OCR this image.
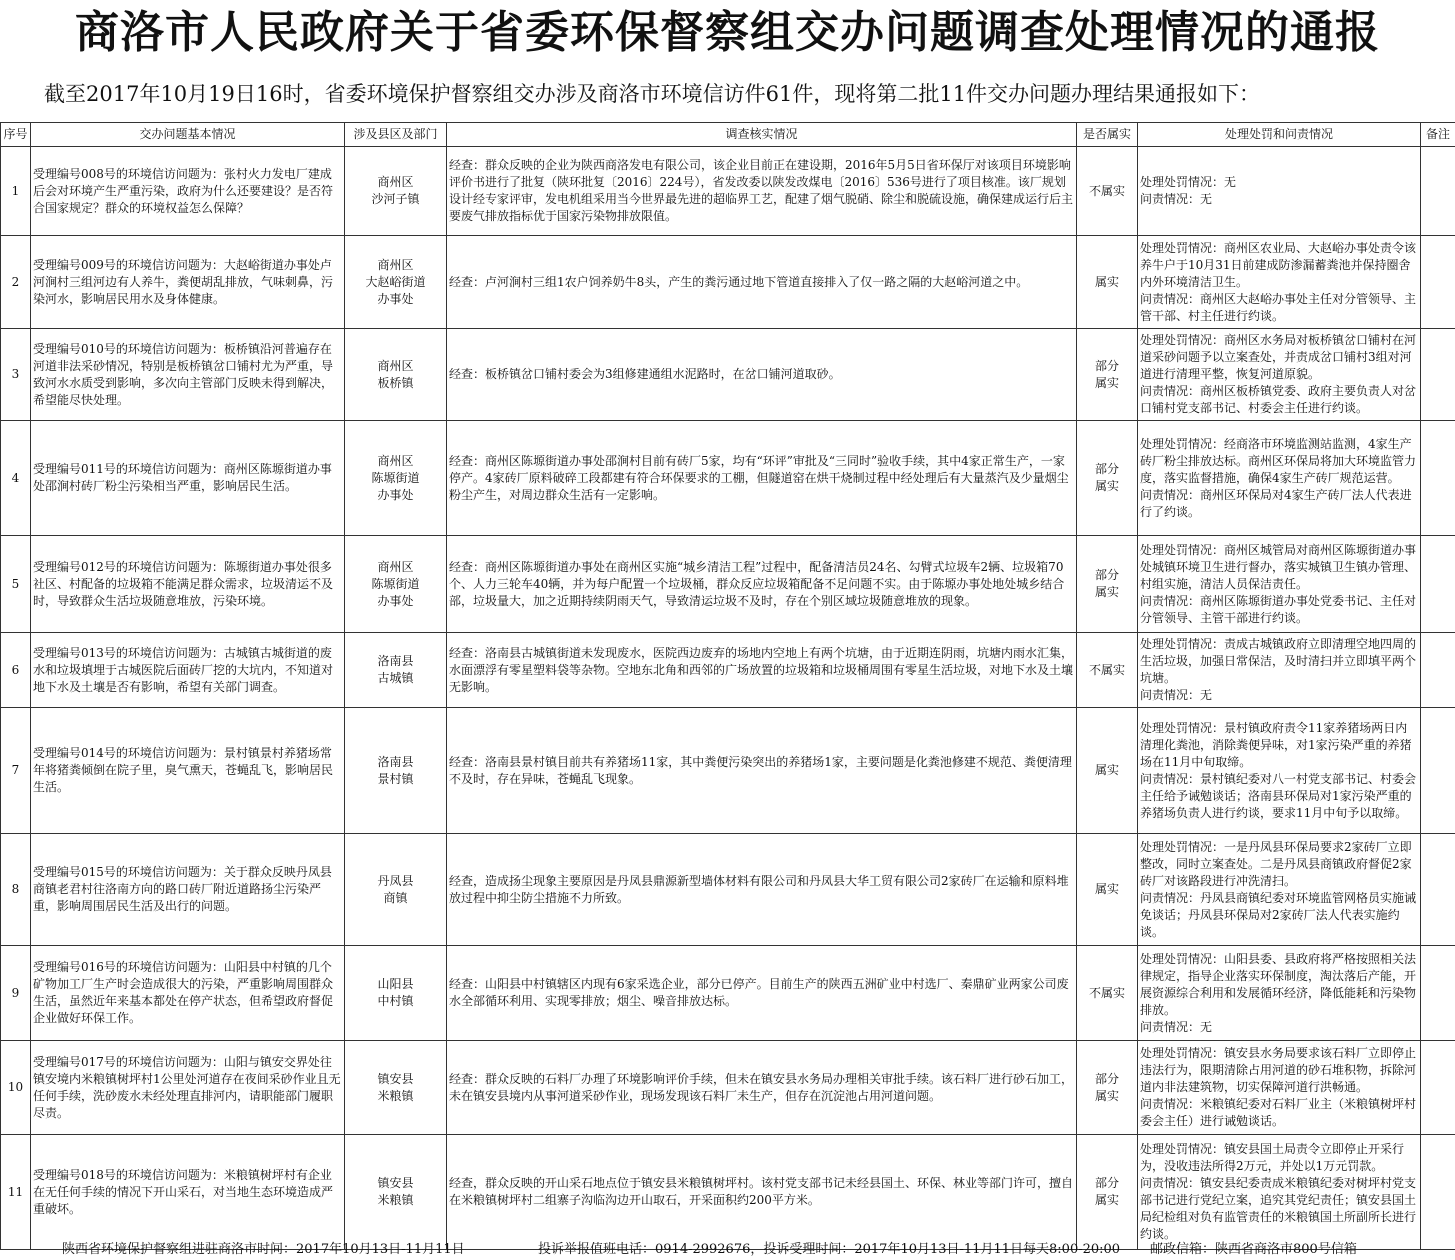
商洛市人民政府关于省委环保督察组交办问题调查处理情况的通报
截至2017年10月19日16时，省委环境保护督察组交办涉及商洛市环境信访件61件，现将第二批11件交办问题办理结果通报如下：
序号	交办问题基本情况	涉及县区及部门	调查核实情况	是否属实	处理处罚和问责情况	备注
1	受理编号008号的环境信访问题为：张村火力发电厂建成后会对环境产生严重污染，政府为什么还要建设？是否符合国家规定？群众的环境权益怎么保障？	商州区
沙河子镇	经查：群众反映的企业为陕西商洛发电有限公司，该企业目前正在建设期，2016年5月5日省环保厅对该项目环境影响评价书进行了批复（陕环批复〔2016〕224号），省发改委以陕发改煤电〔2016〕536号进行了项目核准。该厂规划设计经专家评审，发电机组采用当今世界最先进的超临界工艺，配建了烟气脱硝、除尘和脱硫设施，确保建成运行后主要废气排放指标优于国家污染物排放限值。	不属实	处理处罚情况：无
问责情况：无	
2	受理编号009号的环境信访问题为：大赵峪街道办事处卢河涧村三组河边有人养牛，粪便胡乱排放，气味刺鼻，污染河水，影响居民用水及身体健康。	商州区
大赵峪街道
办事处	经查：卢河涧村三组1农户饲养奶牛8头，产生的粪污通过地下管道直接排入了仅一路之隔的大赵峪河道之中。	属实	处理处罚情况：商州区农业局、大赵峪办事处责令该养牛户于10月31日前建成防渗漏蓄粪池并保持圈舍内外环境清洁卫生。
问责情况：商州区大赵峪办事处主任对分管领导、主管干部、村主任进行约谈。	
3	受理编号010号的环境信访问题为：板桥镇沿河普遍存在河道非法采砂情况，特别是板桥镇岔口铺村尤为严重，导致河水水质受到影响，多次向主管部门反映未得到解决，希望能尽快处理。	商州区
板桥镇	经查：板桥镇岔口铺村委会为3组修建通组水泥路时，在岔口铺河道取砂。	部分
属实	处理处罚情况：商州区水务局对板桥镇岔口铺村在河道采砂问题予以立案查处，并责成岔口铺村3组对河道进行清理平整，恢复河道原貌。
问责情况：商州区板桥镇党委、政府主要负责人对岔口铺村党支部书记、村委会主任进行约谈。	
4	受理编号011号的环境信访问题为：商州区陈塬街道办事处邵涧村砖厂粉尘污染相当严重，影响居民生活。	商州区
陈塬街道
办事处	经查：商州区陈塬街道办事处邵涧村目前有砖厂5家，均有“环评”审批及“三同时”验收手续，其中4家正常生产，一家停产。4家砖厂原料破碎工段都建有符合环保要求的工棚，但隧道窑在烘干烧制过程中经处理后有大量蒸汽及少量烟尘粉尘产生，对周边群众生活有一定影响。	部分
属实	处理处罚情况：经商洛市环境监测站监测，4家生产砖厂粉尘排放达标。商州区环保局将加大环境监管力度，落实监督措施，确保4家生产砖厂规范运营。
问责情况：商州区环保局对4家生产砖厂法人代表进行了约谈。	
5	受理编号012号的环境信访问题为：陈塬街道办事处很多社区、村配备的垃圾箱不能满足群众需求，垃圾清运不及时，导致群众生活垃圾随意堆放，污染环境。	商州区
陈塬街道
办事处	经查：商州区陈塬街道办事处在商州区实施“城乡清洁工程”过程中，配备清洁员24名、勾臂式垃圾车2辆、垃圾箱70个、人力三轮车40辆，并为每户配置一个垃圾桶，群众反应垃圾箱配备不足问题不实。由于陈塬办事处地处城乡结合部，垃圾量大，加之近期持续阴雨天气，导致清运垃圾不及时，存在个别区域垃圾随意堆放的现象。	部分
属实	处理处罚情况：商州区城管局对商州区陈塬街道办事处城镇环境卫生进行督办，落实城镇卫生镇办管理、村组实施，清洁人员保洁责任。
问责情况：商州区陈塬街道办事处党委书记、主任对分管领导、主管干部进行约谈。	
6	受理编号013号的环境信访问题为：古城镇古城街道的废水和垃圾填埋于古城医院后面砖厂挖的大坑内，不知道对地下水及土壤是否有影响，希望有关部门调查。	洛南县
古城镇	经查：洛南县古城镇街道未发现废水，医院西边废弃的场地内空地上有两个坑塘，由于近期连阴雨，坑塘内雨水汇集，水面漂浮有零星塑料袋等杂物。空地东北角和西邻的广场放置的垃圾箱和垃圾桶周围有零星生活垃圾，对地下水及土壤无影响。	不属实	处理处罚情况：责成古城镇政府立即清理空地四周的生活垃圾，加强日常保洁，及时清扫并立即填平两个坑塘。
问责情况：无	
7	受理编号014号的环境信访问题为：景村镇景村养猪场常年将猪粪倾倒在院子里，臭气熏天，苍蝇乱飞，影响居民生活。	洛南县
景村镇	经查：洛南县景村镇目前共有养猪场11家，其中粪便污染突出的养猪场1家，主要问题是化粪池修建不规范、粪便清理不及时，存在异味，苍蝇乱飞现象。	属实	处理处罚情况：景村镇政府责令11家养猪场两日内清理化粪池，消除粪便异味，对1家污染严重的养猪场在11月中旬取缔。
问责情况：景村镇纪委对八一村党支部书记、村委会主任给予诫勉谈话；洛南县环保局对1家污染严重的养猪场负责人进行约谈，要求11月中旬予以取缔。	
8	受理编号015号的环境信访问题为：关于群众反映丹凤县商镇老君村往洛南方向的路口砖厂附近道路扬尘污染严重，影响周围居民生活及出行的问题。	丹凤县
商镇	经查，造成扬尘现象主要原因是丹凤县鼎源新型墙体材料有限公司和丹凤县大华工贸有限公司2家砖厂在运输和原料堆放过程中抑尘防尘措施不力所致。	属实	处理处罚情况：一是丹凤县环保局要求2家砖厂立即整改，同时立案查处。二是丹凤县商镇政府督促2家砖厂对该路段进行冲洗清扫。
问责情况：丹凤县商镇纪委对环境监管网格员实施诫免谈话；丹凤县环保局对2家砖厂法人代表实施约谈。	
9	受理编号016号的环境信访问题为：山阳县中村镇的几个矿物加工厂生产时会造成很大的污染，严重影响周围群众生活，虽然近年来基本都处在停产状态，但希望政府督促企业做好环保工作。	山阳县
中村镇	经查：山阳县中村镇辖区内现有6家采选企业，部分已停产。目前生产的陕西五洲矿业中村选厂、秦鼎矿业两家公司废水全部循环利用、实现零排放；烟尘、噪音排放达标。	不属实	处理处罚情况：山阳县委、县政府将严格按照相关法律规定，指导企业落实环保制度，淘汰落后产能，开展资源综合利用和发展循环经济，降低能耗和污染物排放。
问责情况：无	
10	受理编号017号的环境信访问题为：山阳与镇安交界处往镇安境内米粮镇树坪村1公里处河道存在夜间采砂作业且无任何手续，洗砂废水未经处理直排河内，请职能部门履职尽责。	镇安县
米粮镇	经查：群众反映的石料厂办理了环境影响评价手续，但未在镇安县水务局办理相关审批手续。该石料厂进行砂石加工，未在镇安县境内从事河道采砂作业，现场发现该石料厂未生产，但存在沉淀池占用河道问题。	部分
属实	处理处罚情况：镇安县水务局要求该石料厂立即停止违法行为，限期清除占用河道的砂石堆积物，拆除河道内非法建筑物，切实保障河道行洪畅通。
问责情况：米粮镇纪委对石料厂业主（米粮镇树坪村委会主任）进行诫勉谈话。	
11	受理编号018号的环境信访问题为：米粮镇树坪村有企业在无任何手续的情况下开山采石，对当地生态环境造成严重破坏。	镇安县
米粮镇	经查，群众反映的开山采石地点位于镇安县米粮镇树坪村。该村党支部书记未经县国土、环保、林业等部门许可，擅自在米粮镇树坪村二组寨子沟临沟边开山取石，开采面积约200平方米。	部分
属实	处理处罚情况：镇安县国土局责令立即停止开采行为，没收违法所得2万元，并处以1万元罚款。
问责情况：镇安县纪委责成米粮镇纪委对树坪村党支部书记进行党纪立案，追究其党纪责任；镇安县国土局纪检组对负有监管责任的米粮镇国土所副所长进行约谈。	
陕西省环境保护督察组进驻商洛市时间：2017年10月13日-11月11日	投诉举报值班电话：0914-2992676，投诉受理时间：2017年10月13日-11月11日每天8:00-20:00 邮政信箱：陕西省商洛市800号信箱
